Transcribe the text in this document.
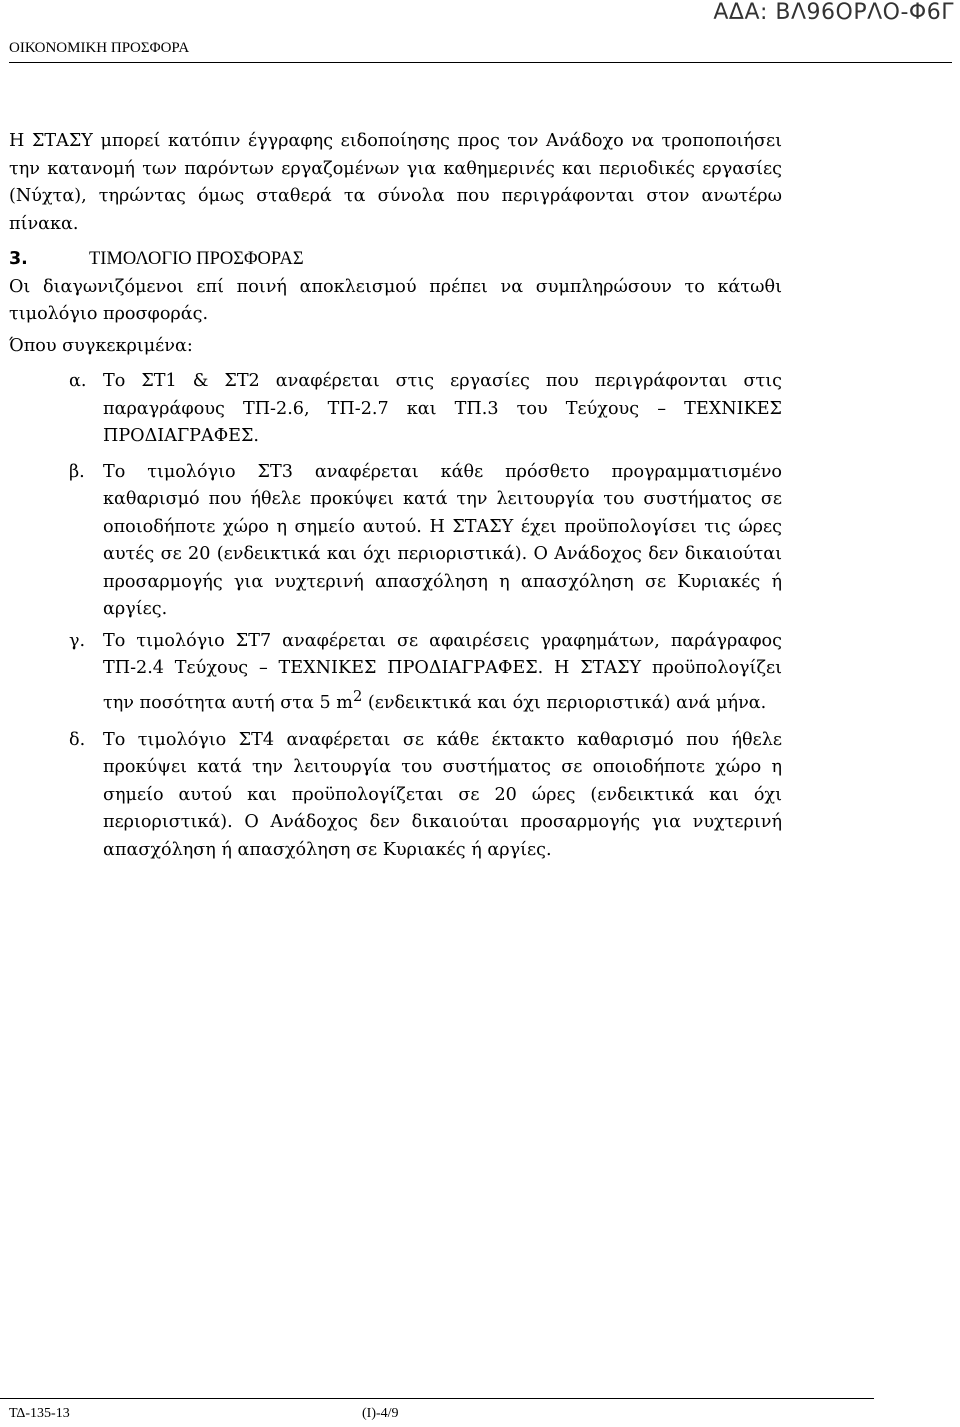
ΑΔΑ: ΒΛ96ΟΡΛΟ-Φ6Γ
ΟΙΚΟΝΟΜΙΚΗ ΠΡΟΣΦΟΡΑ

Η ΣΤΑΣΥ μπορεί κατόπιν έγγραφης ειδοποίησης προς τον Ανάδοχο να τροποποιήσει την κατανομή των παρόντων εργαζομένων για καθημερινές και περιοδικές εργασίες (Νύχτα), τηρώντας όμως σταθερά τα σύνολα που περιγράφονται στον ανωτέρω πίνακα.

3.	ΤΙΜΟΛΟΓΙΟ ΠΡΟΣΦΟΡΑΣ

Οι διαγωνιζόμενοι επί ποινή αποκλεισμού πρέπει να συμπληρώσουν το κάτωθι τιμολόγιο προσφοράς.

Όπου συγκεκριμένα:

α. Το ΣΤ1 & ΣΤ2 αναφέρεται στις εργασίες που περιγράφονται στις παραγράφους ΤΠ-2.6, ΤΠ-2.7 και ΤΠ.3 του Τεύχους – ΤΕΧΝΙΚΕΣ ΠΡΟΔΙΑΓΡΑΦΕΣ.
β.	Το τιμολόγιο ΣΤ3 αναφέρεται κάθε πρόσθετο προγραμματισμένο καθαρισμό που ήθελε προκύψει κατά την λειτουργία του συστήματος σε οποιοδήποτε χώρο η σημείο αυτού. Η ΣΤΑΣΥ έχει προϋπολογίσει τις ώρες αυτές σε 20 (ενδεικτικά και όχι περιοριστικά). Ο Ανάδοχος δεν δικαιούται προσαρμογής για νυχτερινή απασχόληση η απασχόληση σε Κυριακές ή αργίες.
γ.	Το τιμολόγιο ΣΤ7 αναφέρεται σε αφαιρέσεις γραφημάτων, παράγραφος ΤΠ-2.4 Τεύχους – ΤΕΧΝΙΚΕΣ ΠΡΟΔΙΑΓΡΑΦΕΣ. Η ΣΤΑΣΥ προϋπολογίζει την ποσότητα αυτή στα 5 $m^2$ (ενδεικτικά και όχι περιοριστικά) ανά μήνα.
δ.	Το τιμολόγιο ΣΤ4 αναφέρεται σε κάθε έκτακτο καθαρισμό που ήθελε προκύψει κατά την λειτουργία του συστήματος σε οποιοδήποτε χώρο η σημείο αυτού και προϋπολογίζεται σε 20 ώρες (ενδεικτικά και όχι περιοριστικά). Ο Ανάδοχος δεν δικαιούται προσαρμογής για νυχτερινή απασχόληση ή απασχόληση σε Κυριακές ή αργίες.
ΤΔ-135-13	(Ι)-4/9
